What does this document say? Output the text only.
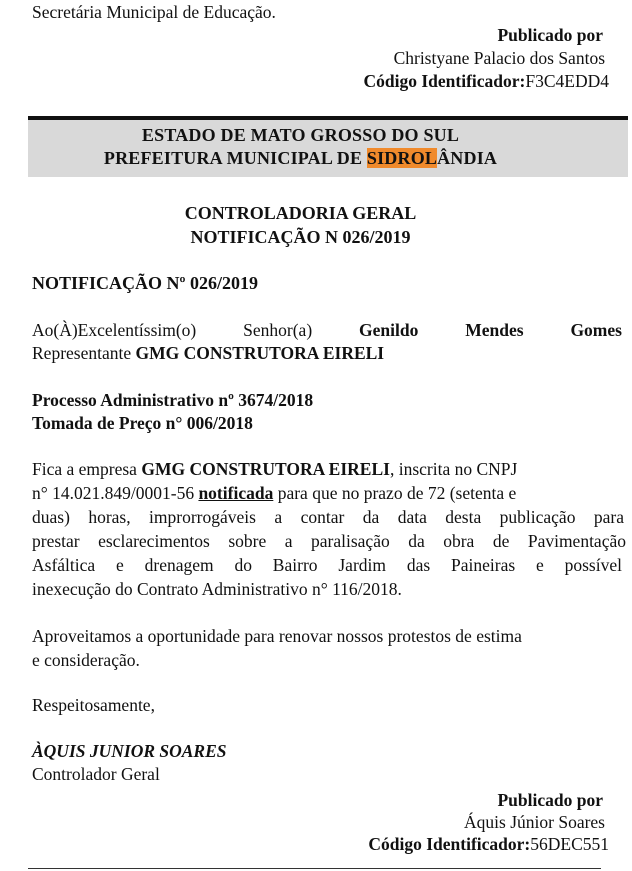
Secretária Municipal de Educação.
Publicado por
Christyane Palacio dos Santos
Código Identificador:F3C4EDD4
ESTADO DE MATO GROSSO DO SUL
PREFEITURA MUNICIPAL DE SIDROLÂNDIA
CONTROLADORIA GERAL
NOTIFICAÇÃO N 026/2019
NOTIFICAÇÃO Nº 026/2019
Ao(À)Excelentíssim(o)	Senhor(a)	Genildo	Mendes	Gomes
Representante GMG CONSTRUTORA EIRELI
Processo Administrativo nº 3674/2018
Tomada de Preço n° 006/2018
Fica a empresa GMG CONSTRUTORA EIRELI, inscrita no CNPJ
n° 14.021.849/0001-56 notificada para que no prazo de 72 (setenta e
duas) horas, improrrogáveis a contar da data desta publicação para
prestar esclarecimentos sobre a paralisação da obra de Pavimentação
Asfáltica e drenagem do Bairro Jardim das Paineiras e possível
inexecução do Contrato Administrativo n° 116/2018.
Aproveitamos a oportunidade para renovar nossos protestos de estima
e consideração.
Respeitosamente,
ÀQUIS JUNIOR SOARES
Controlador Geral
Publicado por
Áquis Júnior Soares
Código Identificador:56DEC551
